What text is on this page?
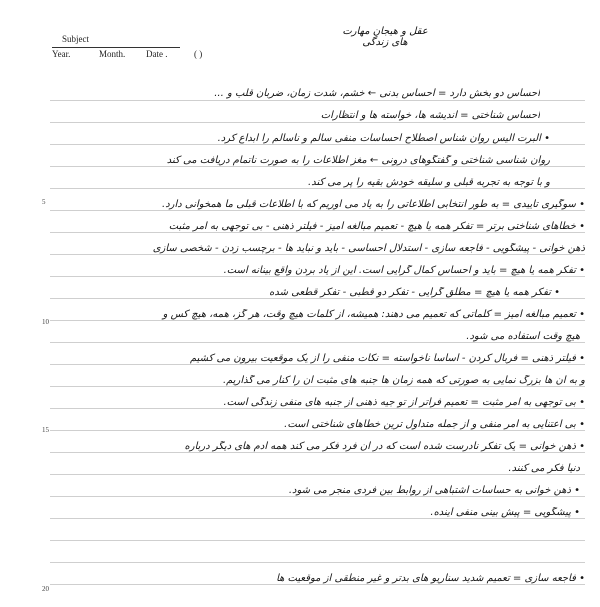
Subject
Year.	Month. Date .	( )
عقل و هیجان مهارت های زندگی
5
10
15
20
احساس دو بخش دارد = احساس بدنی ← خشم، شدت زمان، ضربان قلب و ...
احساس شناختی = اندیشه ها، خواسته ها و انتظارات
• آلبرت الیس روان شناس اصطلاح احساسات منفی سالم و ناسالم را ابداع کرد.
روان شناسی شناختی و گفتگوهای درونی ← مغز اطلاعات را به صورت ناتمام دریافت می کند
و با توجه به تجربه قبلی و سلیقه خودش بقیه را پر می کند.
• سوگیری تأییدی = به طور انتخابی اطلاعاتی را به یاد می آوریم که با اطلاعات قبلی ما همخوانی دارد.
• خطاهای شناختی برتر = تفکر همه یا هیچ - تعمیم مبالغه آمیز - فیلتر ذهنی - بی توجهی به امر مثبت
ذهن خوانی - پیشگویی - فاجعه سازی - استدلال احساسی - باید و نباید ها - برچسب زدن - شخصی سازی
• تفکر همه یا هیچ = باید و احساس کمال گرایی است. این از یاد بردن واقع بینانه است.
• تفکر همه یا هیچ = مطلق گرایی - تفکر دو قطبی - تفکر قطعی شده
• تعمیم مبالغه آمیز = کلماتی که تعمیم می دهند: همیشه، از کلمات هیچ وقت، هر گز، همه، هیچ کس و
هیچ وقت استفاده می شود.
• فیلتر ذهنی = فربال کردن - اساساً ناخواسته = نکات منفی را از یک موقعیت بیرون می کشیم
و به آن ها بزرگ نمایی به صورتی که همه زمان ها جنبه های مثبت آن را کنار می گذاریم.
• بی توجهی به امر مثبت = تعمیم فراتر از تو جیه ذهنی از جنبه های منفی زندگی است.
• بی اعتنایی به امر منفی و از جمله متداول ترین خطاهای شناختی است.
• ذهن خوانی = یک تفکر نادرست شده است که در آن فرد فکر می کند همه آدم های دیگر درباره
دنیا فکر می کنند.
• ذهن خوانی به حساسات اشتباهی از روابط بین فردی منجر می شود.
• پیشگویی = پیش بینی منفی آینده.
• فاجعه سازی = تعمیم شدید سناریو های بدتر و غیر منطقی از موقعیت ها
